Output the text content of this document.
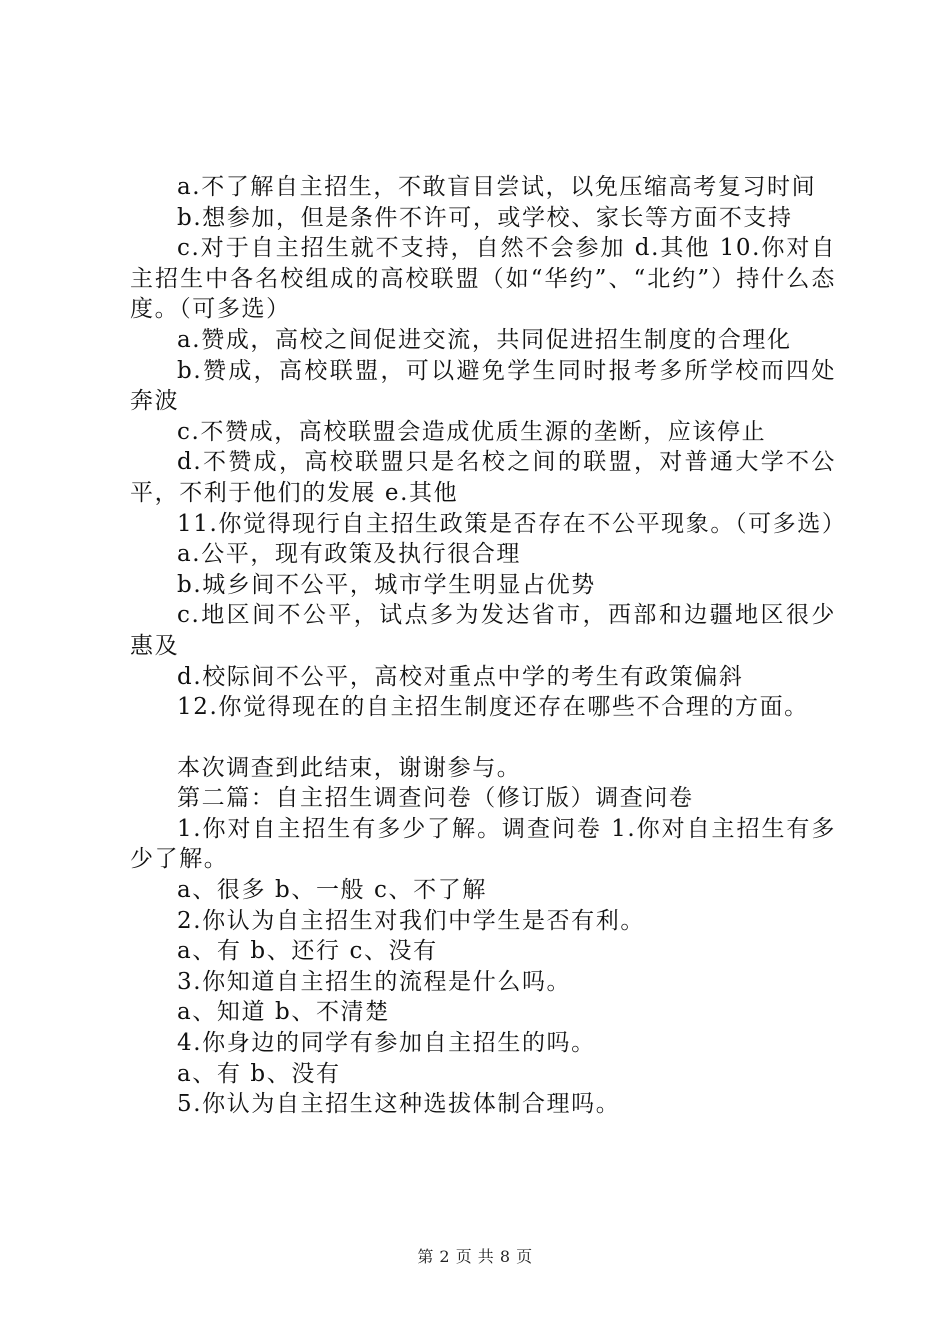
a.不了解自主招生，不敢盲目尝试，以免压缩高考复习时间

b.想参加，但是条件不许可，或学校、家长等方面不支持

c.对于自主招生就不支持，自然不会参加 d.其他 10.你对自主招生中各名校组成的高校联盟（如“华约”、“北约”）持什么态度。（可多选）

a.赞成，高校之间促进交流，共同促进招生制度的合理化

b.赞成，高校联盟，可以避免学生同时报考多所学校而四处奔波

c.不赞成，高校联盟会造成优质生源的垄断，应该停止

d.不赞成，高校联盟只是名校之间的联盟，对普通大学不公平，不利于他们的发展 e.其他

11.你觉得现行自主招生政策是否存在不公平现象。（可多选）

a.公平，现有政策及执行很合理

b.城乡间不公平，城市学生明显占优势

c.地区间不公平，试点多为发达省市，西部和边疆地区很少惠及

d.校际间不公平，高校对重点中学的考生有政策偏斜

12.你觉得现在的自主招生制度还存在哪些不合理的方面。

本次调查到此结束，谢谢参与。

第二篇：自主招生调查问卷（修订版）调查问卷

1.你对自主招生有多少了解。调查问卷 1.你对自主招生有多少了解。

a、很多 b、一般 c、不了解

2.你认为自主招生对我们中学生是否有利。

a、有 b、还行 c、没有

3.你知道自主招生的流程是什么吗。

a、知道 b、不清楚

4.你身边的同学有参加自主招生的吗。

a、有 b、没有

5.你认为自主招生这种选拔体制合理吗。

第 2 页 共 8 页
